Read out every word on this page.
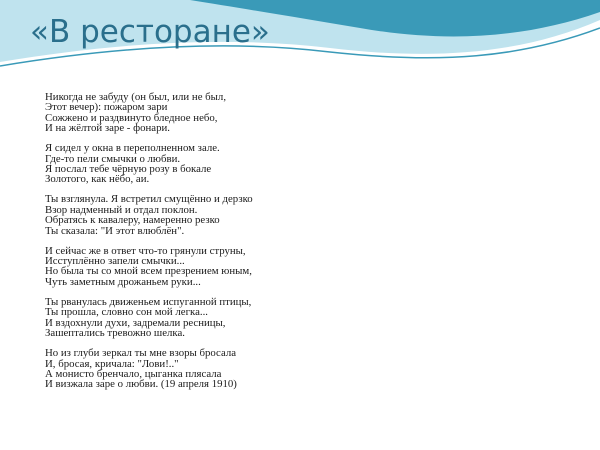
«В ресторане»
Никогда не забуду (он был, или не был,
Этот вечер): пожаром зари
Сожжено и раздвинуто бледное небо,
И на жёлтой заре - фонари.
Я сидел у окна в переполненном зале.
Где-то пели смычки о любви.
Я послал тебе чёрную розу в бокале
Золотого, как нёбо, аи.
Ты взглянула. Я встретил смущённо и дерзко
Взор надменный и отдал поклон.
Обратясь к кавалеру, намеренно резко
Ты сказала: "И этот влюблён".
И сейчас же в ответ что-то грянули струны,
Исступлённо запели смычки...
Но была ты со мной всем презрением юным,
Чуть заметным дрожаньем руки...
Ты рванулась движеньем испуганной птицы,
Ты прошла, словно сон мой легка...
И вздохнули духи, задремали ресницы,
Зашептались тревожно шелка.
Но из глуби зеркал ты мне взоры бросала
И, бросая, кричала: "Лови!.."
А монисто бренчало, цыганка плясала
И визжала заре о любви. (19 апреля 1910)
